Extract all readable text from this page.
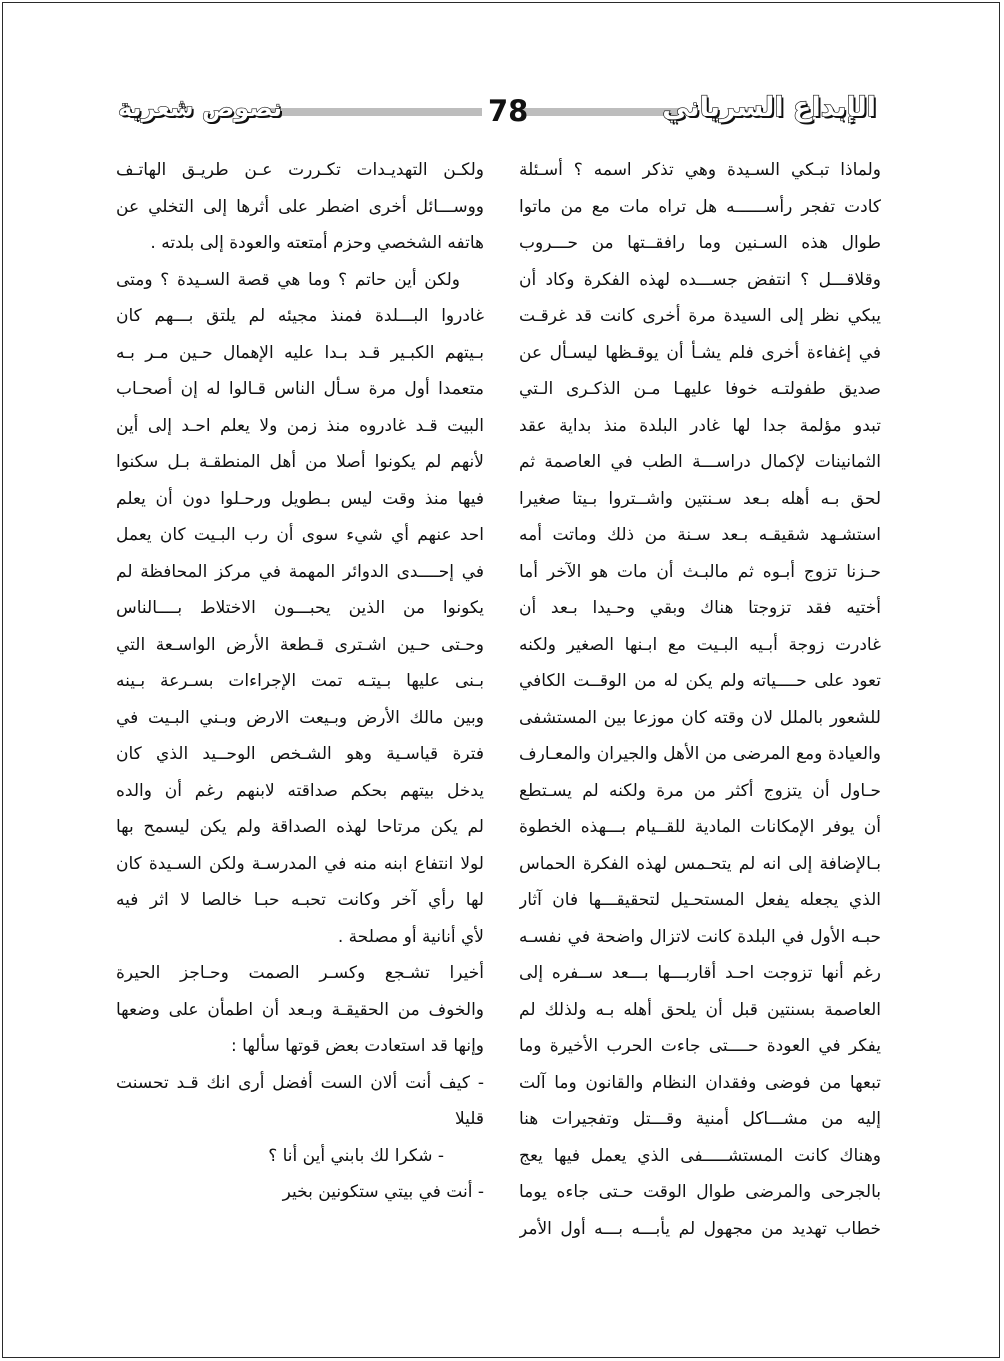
الإبداع السرياني
78
نصوص شعرية
ولماذا تبـكي السـيدة وهي تذكر اسمه ؟ أسـئلة
كادت تفجر رأســــــه هل تراه مات مع من ماتوا
طوال هذه السـنين وما رافقــتها من حـــروب
وقلاقـــل ؟ انتفض جســـده لهذه الفكرة وكاد أن
يبكي نظر إلى السيدة مرة أخرى كانت قد غرقـت
في إغفاءة أخرى فلم يشـأ أن يوقـظها ليسـأل عن
صديق طفولتـه خوفا عليهـا مـن الذكـرى الـتي
تبدو مؤلمة جدا لها غادر البلدة منذ بداية عقد
الثمانينات لإكمال دراســـة الطب في العاصمة ثم
لحق بـه أهله بـعد سـنتين واشــتروا بـيتا صغيرا
استشـهد شقيقـه بـعد سـنة من ذلك وماتت أمه
حـزنا تزوج أبـوه ثم مالبـث أن مات هو الآخر أما
أختيه فقد تزوجتا هناك وبقي وحـيدا بـعد أن
غادرت زوجة أبـيه البـيت مع ابـنها الصغير ولكنه
تعود على حــــياته ولم يكن له من الوقــت الكافي
للشعور بالملل لان وقته كان موزعا بين المستشفى
والعيادة ومع المرضى من الأهل والجيران والمعـارف
حـاول أن يتزوج أكثر من مرة ولكنه لم يسـتطع
أن يوفر الإمكانات المادية للقــيام بـــهذه الخطوة
بـالإضافة إلى انه لم يتحـمس لهذه الفكرة الحماس
الذي يجعله يفعل المستحـيل لتحقيقـــها فان آثار
حبـه الأول في البلدة كانت لاتزال واضحة في نفسـه
رغم أنها تزوجت احـد أقاربـــها بـــعد ســفره إلى
العاصمة بسنتين قبل أن يلحق أهله بـه ولذلك لم
يفكر في العودة حــــتى جاءت الحرب الأخيرة وما
تبعها من فوضى وفقدان النظام والقانون وما آلت
إليه من مشـــاكل أمنية وقـــتل وتفجيرات هنا
وهناك كانت المستشـــــفى الذي يعمل فيها يعج
بالجرحى والمرضى طوال الوقت حـتى جاءه يوما
خطاب تهديد من مجهول لم يأبـــه بـــه أول الأمر
ولكـن التهديـدات تكـررت عـن طريـق الهاتـف
ووســـائل أخرى اضطر على أثرها إلى التخلي عن
هاتفه الشخصي وحزم أمتعته والعودة إلى بلدته .
ولكن أين حاتم ؟ وما هي قصة السـيدة ؟ ومتى
غادروا البـــلدة فمنذ مجيئه لم يلتق بـــهم كان
بـيتهم الكبـير قـد بـدا عليه الإهمال حـين مـر بـه
متعمدا أول مرة سـأل الناس قـالوا له إن أصحـاب
البيت قـد غادروه منذ زمن ولا يعلم احـد إلى أين
لأنهم لم يكونوا أصلا من أهل المنطقـة بـل سكنوا
فيها منذ وقت ليس بـطويل ورحـلوا دون أن يعلم
احد عنهم أي شيء سوى أن رب البـيت كان يعمل
في إحــــدى الدوائر المهمة في مركز المحافظة لم
يكونوا من الذين يحبـــون الاختلاط بــــالناس
وحـتى حـين اشـترى قـطعة الأرض الواسـعة التي
بـنى عليها بـيتـه تمت الإجراءات بسـرعة بـينه
وبين مالك الأرض وبـيعت الارض وبـني البـيت في
فترة قياسـية وهو الشـخص الوحــيد الذي كان
يدخل بيتهم بحكم صداقته لابنهم رغم أن والده
لم يكن مرتاحا لهذه الصداقة ولم يكن ليسمح بها
لولا انتفاع ابنه منه في المدرسـة ولكن السـيدة كان
لها رأي آخر وكانت تحبـه حبـا خالصا لا اثر فيه
لأي أنانية أو مصلحة .
أخيرا تشـجع وكسـر الصمت وحـاجز الحيرة
والخوف من الحقيقـة وبـعد أن اطمأن على وضعها
وإنها قد استعادت بعض قوتها سألها :
- كيف أنت ألان الست أفضل أرى انك قـد تحسنت
قليلا
- شكرا لك بابني أين أنا ؟
- أنت في بيتي ستكونين بخير
